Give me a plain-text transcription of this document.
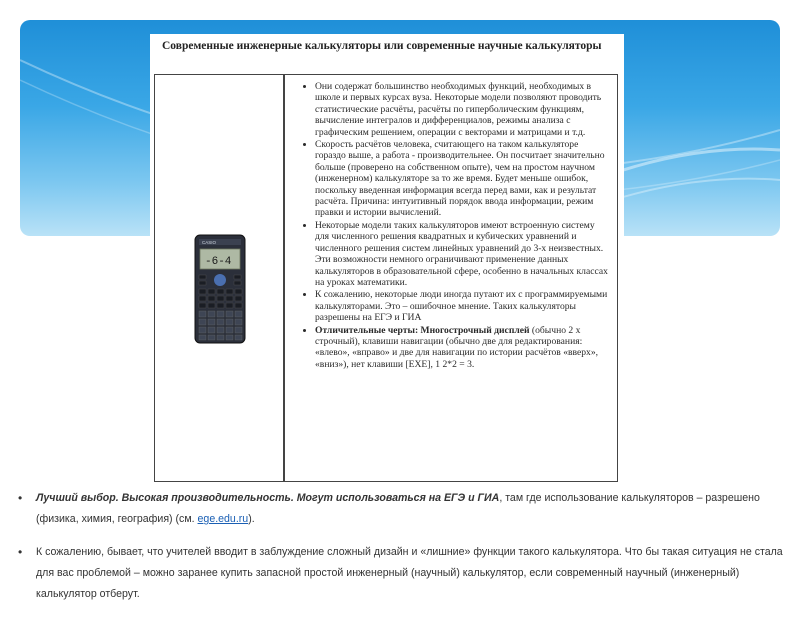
Современные инженерные калькуляторы или современные научные калькуляторы
CASIO
-6-4
• Они содержат большинство необходимых функций, необходимых в школе и первых курсах вуза. Некоторые модели позволяют проводить статистические расчёты, расчёты по гиперболическим функциям, вычисление интегралов и дифференциалов, режимы анализа с графическим решением, операции с векторами и матрицами и т.д.
• Скорость расчётов человека, считающего на таком калькуляторе гораздо выше, а работа - производительнее. Он посчитает значительно больше (проверено на собственном опыте), чем на простом научном (инженерном) калькуляторе за то же время. Будет меньше ошибок, поскольку введенная информация всегда перед вами, как и результат расчёта. Причина: интуитивный порядок ввода информации, режим правки и истории вычислений.
• Некоторые модели таких калькуляторов имеют встроенную систему для численного решения квадратных и кубических уравнений и численного решения систем линейных уравнений до 3-х неизвестных. Эти возможности немного ограничивают применение данных калькуляторов в образовательной сфере, особенно в начальных классах на уроках математики.
• К сожалению, некоторые люди иногда путают их с программируемыми калькуляторами. Это – ошибочное мнение. Таких калькуляторы разрешены на ЕГЭ и ГИА
• Отличительные черты: Многострочный дисплей (обычно 2 х строчный), клавиши навигации (обычно две для редактирования: «влево», «вправо» и две для навигации по истории расчётов «вверх», «вниз»), нет клавиши [EXE], 1 2*2 = 3.
• Лучший выбор. Высокая производительность. Могут использоваться на ЕГЭ и ГИА, там где использование калькуляторов – разрешено (физика, химия, география) (см. ege.edu.ru).
• К сожалению, бывает, что учителей вводит в заблуждение сложный дизайн и «лишние» функции такого калькулятора. Что бы такая ситуация не стала для вас проблемой – можно заранее купить запасной простой инженерный (научный) калькулятор, если современный научный (инженерный) калькулятор отберут.
